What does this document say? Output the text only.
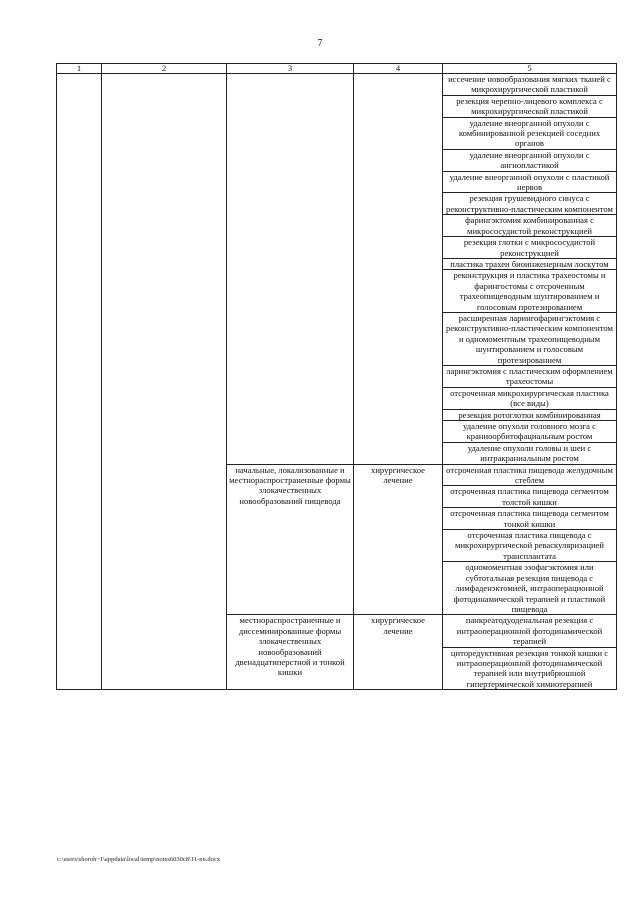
7
1	2	3	4	5
				иссечение новообразования мягких тканей с микрохирургической пластикой
				резекция черепно-лицевого комплекса с микрохирургической пластикой
				удаление внеорганной опухоли с комбинированной резекцией соседних органов
				удаление внеорганной опухоли с ангиопластикой
				удаление внеорганной опухоли с пластикой нервов
				резекция грушевидного синуса с реконструктивно-пластическим компонентом
				фарингэктомия комбинированная с микрососудистой реконструкцией
				резекция глотки с микрососудистой реконструкцией
				пластика трахеи биоинженерным лоскутом
				реконструкция и пластика трахеостомы и фарингостомы с отсроченным трахеопищеводным шунтированием и голосовым протезированием
				расширенная ларингофарингэктомия с реконструктивно-пластическим компонентом и одномоментным трахеопищеводным шунтированием и голосовым протезированием
				ларингэктомия с пластическим оформлением трахеостомы
				отсроченная микрохирургическая пластика (все виды)
				резекция ротоглотки комбинированная
				удаление опухоли головного мозга с краниоорбитофациальным ростом
				удаление опухоли головы и шеи с интракраниальным ростом
		начальные, локализованные и местнораспространенные формы злокачественных новообразований пищевода	хирургическое лечение	отсроченная пластика пищевода желудочным стеблем
				отсроченная пластика пищевода сегментом толстой кишки
				отсроченная пластика пищевода сегментом тонкой кишки
				отсроченная пластика пищевода с микрохирургической реваскуляризацией трансплантата
				одномоментная эзофагэктомия или субтотальная резекция пищевода с лимфаденэктомией, интраоперационной фотодинамической терапией и пластикой пищевода
		местнораспространенные и диссеминированные формы злокачественных новообразований двенадцатиперстной и тонкой кишки	хирургическое лечение	панкреатодуоденальная резекция с интраоперационной фотодинамической терапией
				циторедуктивная резекция тонкой кишки с интраоперационной фотодинамической терапией или внутрибрюшной гипертермической химиотерапией
c:\users\shoroh~1\appdata\local\temp\notes6030c8\11-nn.docx
